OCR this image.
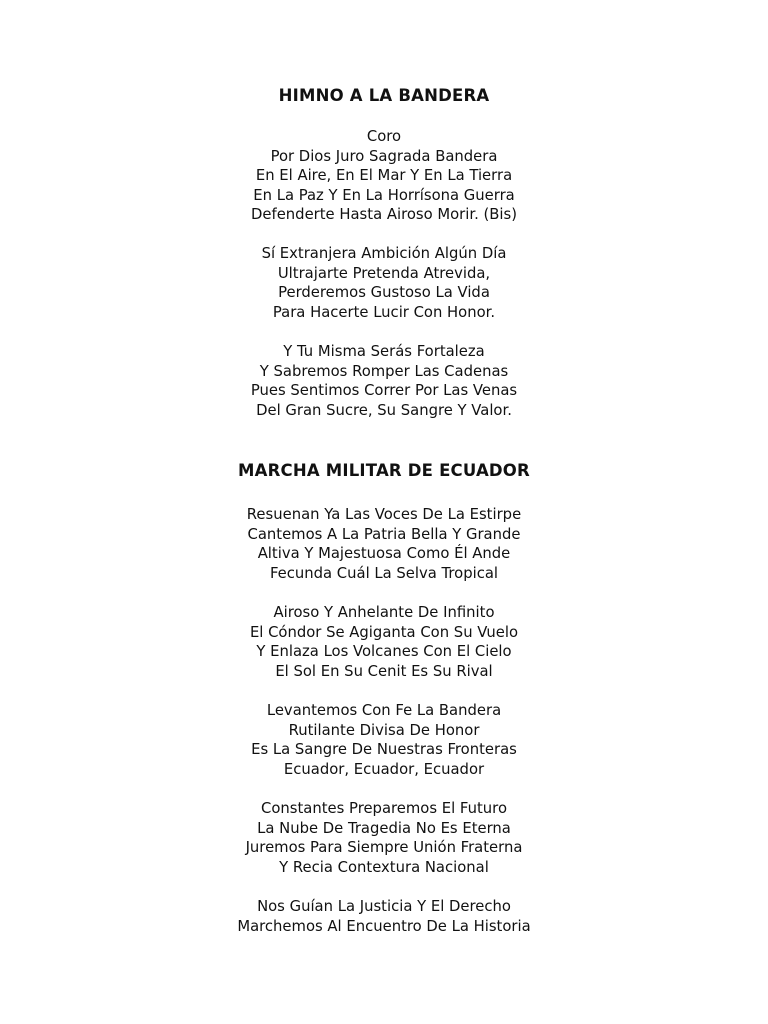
HIMNO A LA BANDERA
Coro
Por Dios Juro Sagrada Bandera
En El Aire, En El Mar Y En La Tierra
En La Paz Y En La Horrísona Guerra
Defenderte Hasta Airoso Morir. (Bis)
Sí Extranjera Ambición Algún Día
Ultrajarte Pretenda Atrevida,
Perderemos Gustoso La Vida
Para Hacerte Lucir Con Honor.
Y Tu Misma Serás Fortaleza
Y Sabremos Romper Las Cadenas
Pues Sentimos Correr Por Las Venas
Del Gran Sucre, Su Sangre Y Valor.
MARCHA MILITAR DE ECUADOR
Resuenan Ya Las Voces De La Estirpe
Cantemos A La Patria Bella Y Grande
Altiva Y Majestuosa Como Él Ande
Fecunda Cuál La Selva Tropical
Airoso Y Anhelante De Infinito
El Cóndor Se Agiganta Con Su Vuelo
Y Enlaza Los Volcanes Con El Cielo
El Sol En Su Cenit Es Su Rival
Levantemos Con Fe La Bandera
Rutilante Divisa De Honor
Es La Sangre De Nuestras Fronteras
Ecuador, Ecuador, Ecuador
Constantes Preparemos El Futuro
La Nube De Tragedia No Es Eterna
Juremos Para Siempre Unión Fraterna
Y Recia Contextura Nacional
Nos Guían La Justicia Y El Derecho
Marchemos Al Encuentro De La Historia
